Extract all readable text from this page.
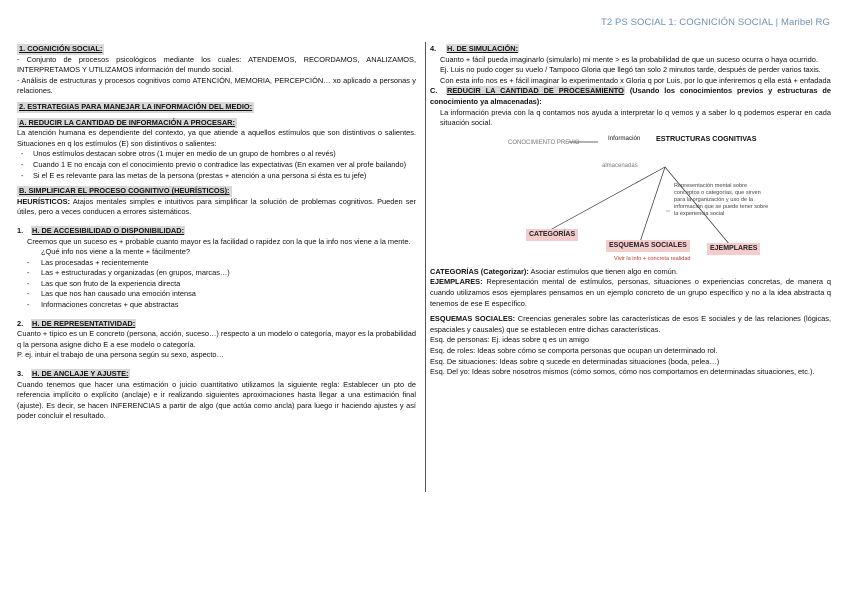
T2 PS SOCIAL 1: COGNICIÓN SOCIAL | Maribel RG
1. COGNICIÓN SOCIAL:

- Conjunto de procesos psicológicos mediante los cuales: ATENDEMOS, RECORDAMOS, ANALIZAMOS, INTERPRETAMOS Y UTILIZAMOS información del mundo social.

- Análisis de estructuras y procesos cognitivos como ATENCIÓN, MEMORIA, PERCEPCIÓN… xo aplicado a personas y relaciones.

2. ESTRATEGIAS PARA MANEJAR LA INFORMACIÓN DEL MEDIO:
A. REDUCIR LA CANTIDAD DE INFORMACIÓN A PROCESAR:

La atención humana es dependiente del contexto, ya que atiende a aquellos estímulos que son distintivos o salientes. Situaciones en q los estímulos (E) son distintivos o salientes:

- Unos estímulos destacan sobre otros (1 mujer en medio de un grupo de hombres o al revés)
- Cuando 1 E no encaja con el conocimiento previo o contradice las expectativas (En examen ver al profe bailando)
- Si el E es relevante para las metas de la persona (prestas + atención a una persona si ésta es tu jefe)
B. SIMPLIFICAR EL PROCESO COGNITIVO (HEURÍSTICOS):

HEURÍSTICOS: Atajos mentales simples e intuitivos para simplificar la solución de problemas cognitivos. Pueden ser útiles, pero a veces conducen a errores sistemáticos.

1. H. DE ACCESIBILIDAD O DISPONIBILIDAD:

Creemos que un suceso es + probable cuanto mayor es la facilidad o rapidez con la que la info nos viene a la mente.

¿Qué info nos viene a la mente + fácilmente?
- Las procesadas + recientemente
- Las + estructuradas y organizadas (en grupos, marcas…)
- Las que son fruto de la experiencia directa
- Las que nos han causado una emoción intensa
- Informaciones concretas + que abstractas
2. H. DE REPRESENTATIVIDAD:

Cuanto + típico es un E concreto (persona, acción, suceso…) respecto a un modelo o categoría, mayor es la probabilidad q la persona asigne dicho E a ese modelo o categoría.

P. ej. intuir el trabajo de una persona según su sexo, aspecto…

3. H. DE ANCLAJE Y AJUSTE:

Cuando tenemos que hacer una estimación o juicio cuantitativo utilizamos la siguiente regla: Establecer un pto de referencia implícito o explícito (anclaje) e ir realizando siguientes aproximaciones hasta llegar a una estimación final (ajuste). Es decir, se hacen INFERENCIAS a partir de algo (que actúa como ancla) para luego ir haciendo ajustes y así poder concluir el resultado.

4. H. DE SIMULACIÓN:

Cuanto + fácil pueda imaginarlo (simularlo) mi mente > es la probabilidad de que un suceso ocurra o haya ocurrido.

Ej. Luis no pudo coger su vuelo / Tampoco Gloria que llegó tan solo 2 minutos tarde, después de perder varios taxis.

Con esta info nos es + fácil imaginar lo experimentado x Gloria q por Luis, por lo que inferiremos q ella está + enfadada

C. REDUCIR LA CANTIDAD DE PROCESAMIENTO (Usando los conocimientos previos y estructuras de conocimiento ya almacenadas):

La información previa con la q contamos nos ayuda a interpretar lo q vemos y a saber lo q podemos esperar en cada situación social.

CONOCIMIENTO PREVIO
Información ESTRUCTURAS COGNITIVAS
almacenadas
Representación mental sobre conceptos o categorías, que sirven para la organización y uso de la información que se puede tener sobre la experiencia social
CATEGORÍAS
ESQUEMAS SOCIALES	EJEMPLARES
Vivir la info + concreta realidad

CATEGORÍAS (Categorizar): Asociar estímulos que tienen algo en común.

EJEMPLARES: Representación mental de estímulos, personas, situaciones o experiencias concretas, de manera q cuando utilizamos esos ejemplares pensamos en un ejemplo concreto de un grupo específico y no a la idea abstracta q tenemos de ese E específico.

ESQUEMAS SOCIALES: Creencias generales sobre las características de esos E sociales y de las relaciones (lógicas, espaciales y causales) que se establecen entre dichas características.

Esq. de personas: Ej. ideas sobre q es un amigo

Esq. de roles: Ideas sobre cómo se comporta personas que ocupan un determinado rol.

Esq. De situaciones: Ideas sobre q sucede en determinadas situaciones (boda, pelea…)

Esq. Del yo: Ideas sobre nosotros mismos (cómo somos, cómo nos comportamos en determinadas situaciones, etc.).
